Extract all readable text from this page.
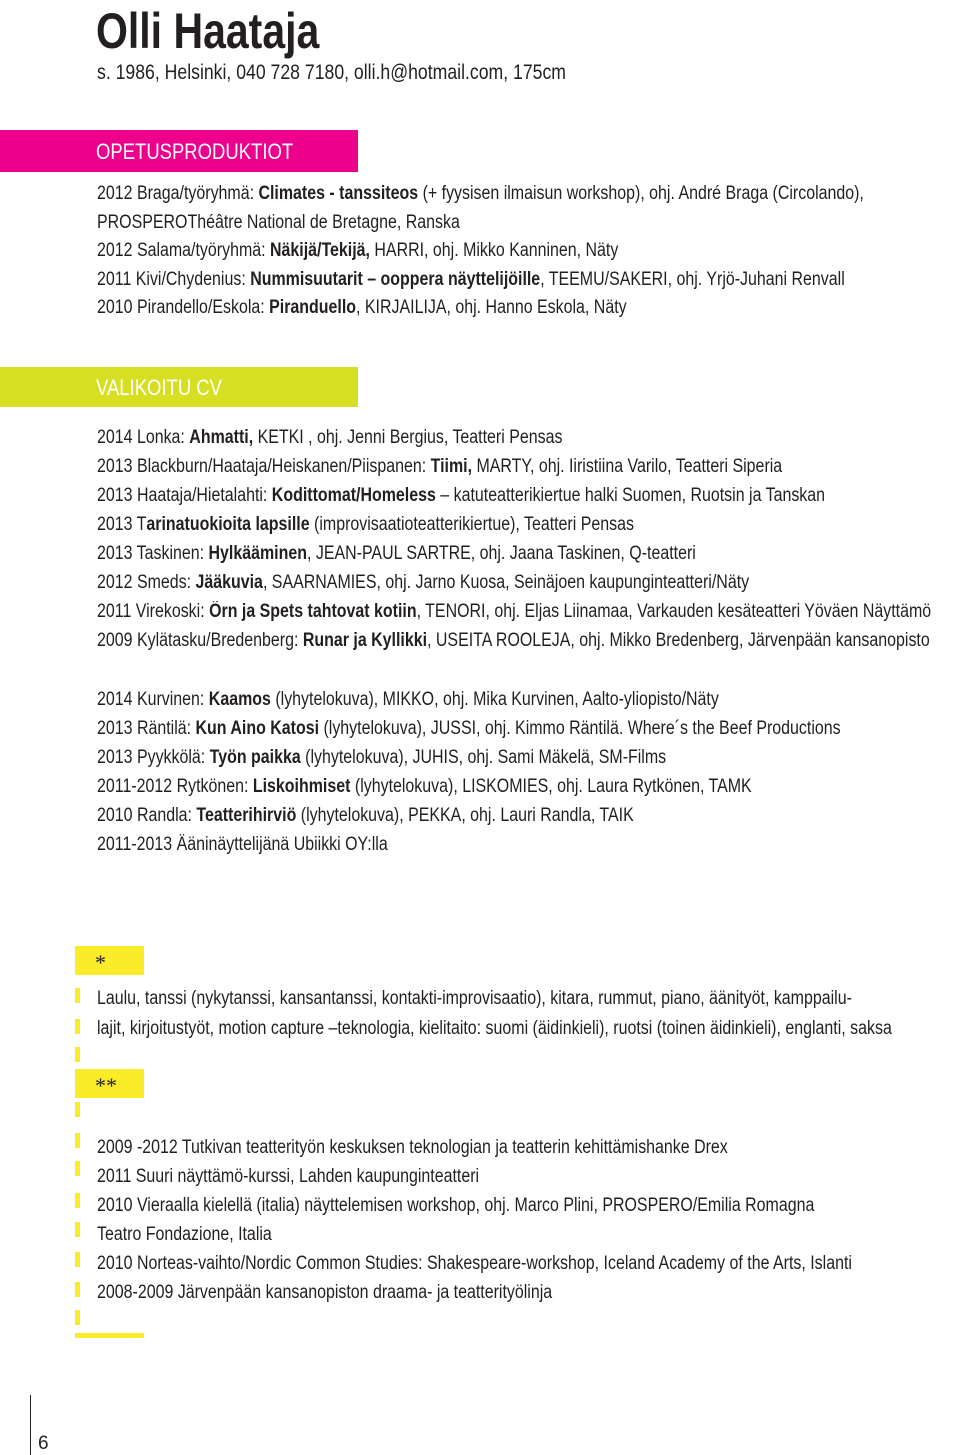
Olli Haataja
s. 1986, Helsinki, 040 728 7180, olli.h@hotmail.com, 175cm
OPETUSPRODUKTIOT
2012 Braga/työryhmä: Climates - tanssiteos (+ fyysisen ilmaisun workshop), ohj. André Braga (Circolando),
PROSPEROThéâtre National de Bretagne, Ranska
2012 Salama/työryhmä: Näkijä/Tekijä, HARRI, ohj. Mikko Kanninen, Näty
2011 Kivi/Chydenius: Nummisuutarit – ooppera näyttelijöille, TEEMU/SAKERI, ohj. Yrjö-Juhani Renvall
2010 Pirandello/Eskola: Piranduello, KIRJAILIJA, ohj. Hanno Eskola, Näty
VALIKOITU CV
2014 Lonka: Ahmatti, KETKI , ohj. Jenni Bergius, Teatteri Pensas
2013 Blackburn/Haataja/Heiskanen/Piispanen: Tiimi, MARTY, ohj. Iiristiina Varilo, Teatteri Siperia
2013 Haataja/Hietalahti: Kodittomat/Homeless – katuteatterikiertue halki Suomen, Ruotsin ja Tanskan
2013 Tarinatuokioita lapsille (improvisaatioteatterikiertue), Teatteri Pensas
2013 Taskinen: Hylkääminen, JEAN-PAUL SARTRE, ohj. Jaana Taskinen, Q-teatteri
2012 Smeds: Jääkuvia, SAARNAMIES, ohj. Jarno Kuosa, Seinäjoen kaupunginteatteri/Näty
2011 Virekoski: Örn ja Spets tahtovat kotiin, TENORI, ohj. Eljas Liinamaa, Varkauden kesäteatteri Yöväen Näyttämö
2009 Kylätasku/Bredenberg: Runar ja Kyllikki, USEITA ROOLEJA, ohj. Mikko Bredenberg, Järvenpään kansanopisto
2014 Kurvinen: Kaamos (lyhytelokuva), MIKKO, ohj. Mika Kurvinen, Aalto-yliopisto/Näty
2013 Räntilä: Kun Aino Katosi (lyhytelokuva), JUSSI, ohj. Kimmo Räntilä. Where´s the Beef Productions
2013 Pyykkölä: Työn paikka (lyhytelokuva), JUHIS, ohj. Sami Mäkelä, SM-Films
2011-2012 Rytkönen: Liskoihmiset (lyhytelokuva), LISKOMIES, ohj. Laura Rytkönen, TAMK
2010 Randla: Teatterihirviö (lyhytelokuva), PEKKA, ohj. Lauri Randla, TAIK
2011-2013 Ääninäyttelijänä Ubiikki OY:lla
*
Laulu, tanssi (nykytanssi, kansantanssi, kontakti-improvisaatio), kitara, rummut, piano, äänityöt, kamppailu-
lajit, kirjoitustyöt, motion capture –teknologia, kielitaito: suomi (äidinkieli), ruotsi (toinen äidinkieli), englanti, saksa
**
2009 -2012 Tutkivan teatterityön keskuksen teknologian ja teatterin kehittämishanke Drex
2011 Suuri näyttämö-kurssi, Lahden kaupunginteatteri
2010 Vieraalla kielellä (italia) näyttelemisen workshop, ohj. Marco Plini, PROSPERO/Emilia Romagna
Teatro Fondazione, Italia
2010 Norteas-vaihto/Nordic Common Studies: Shakespeare-workshop, Iceland Academy of the Arts, Islanti
2008-2009 Järvenpään kansanopiston draama- ja teatterityölinja
6
